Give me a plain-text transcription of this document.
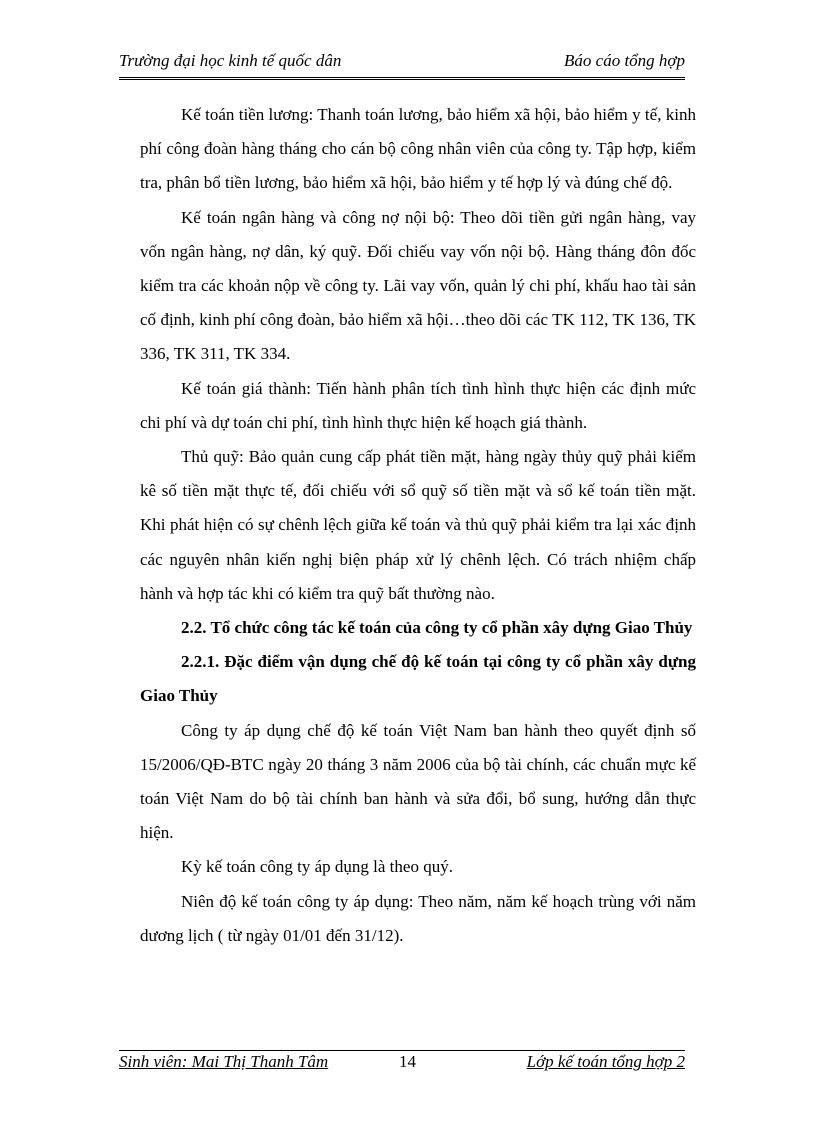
Trường đại học kinh tế quốc dân	Báo cáo tổng hợp

Kế toán tiền lương: Thanh toán lương, bảo hiểm xã hội, bảo hiểm y tế, kinh phí công đoàn hàng tháng cho cán bộ công nhân viên của công ty. Tập hợp, kiểm tra, phân bổ tiền lương, bảo hiểm xã hội, bảo hiểm y tế hợp lý và đúng chế độ.

Kế toán ngân hàng và công nợ nội bộ: Theo dõi tiền gửi ngân hàng, vay vốn ngân hàng, nợ dân, ký quỹ. Đối chiếu vay vốn nội bộ. Hàng tháng đôn đốc kiểm tra các khoản nộp về công ty. Lãi vay vốn, quản lý chi phí, khấu hao tài sản cố định, kinh phí công đoàn, bảo hiểm xã hội…theo dõi các TK 112, TK 136, TK 336, TK 311, TK 334.

Kế toán giá thành: Tiến hành phân tích tình hình thực hiện các định mức chi phí và dự toán chi phí, tình hình thực hiện kế hoạch giá thành.

Thủ quỹ: Bảo quản cung cấp phát tiền mặt, hàng ngày thủy quỹ phải kiểm kê số tiền mặt thực tế, đối chiếu với sổ quỹ số tiền mặt và sổ kế toán tiền mặt. Khi phát hiện có sự chênh lệch giữa kế toán và thủ quỹ phải kiểm tra lại xác định các nguyên nhân kiến nghị biện pháp xử lý chênh lệch. Có trách nhiệm chấp hành và hợp tác khi có kiểm tra quỹ bất thường nào.

2.2. Tổ chức công tác kế toán của công ty cổ phần xây dựng Giao Thủy

2.2.1. Đặc điểm vận dụng chế độ kế toán tại công ty cổ phần xây dựng Giao Thủy

Công ty áp dụng chế độ kế toán Việt Nam ban hành theo quyết định số 15/2006/QĐ-BTC ngày 20 tháng 3 năm 2006 của bộ tài chính, các chuẩn mực kế toán Việt Nam do bộ tài chính ban hành và sửa đổi, bổ sung, hướng dẫn thực hiện.

Kỳ kế toán công ty áp dụng là theo quý.

Niên độ kế toán công ty áp dụng: Theo năm, năm kế hoạch trùng với năm dương lịch ( từ ngày 01/01 đến 31/12).

Sinh viên: Mai Thị Thanh Tâm	14	Lớp kế toán tổng hợp 2
